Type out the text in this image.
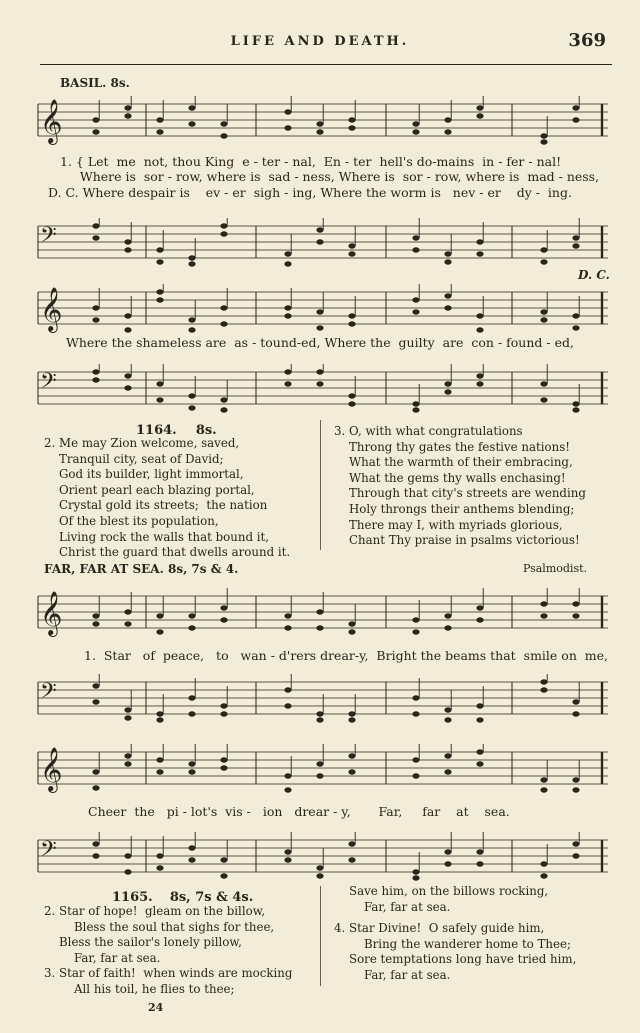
LIFE AND DEATH.	369
BASIL. 8s.
𝄞
1. { Let  me  not, thou King  e - ter - nal,  En - ter  hell's do-mains  in - fer - nal!
Where is  sor - row, where is  sad - ness, Where is  sor - row, where is  mad - ness,
D. C. Where despair is    ev - er  sigh - ing, Where the worm is   nev - er    dy -  ing.
𝄢
D. C.
𝄞
Where the shameless are  as - tound-ed, Where the  guilty  are  con - found - ed,
𝄢
1164. 8s.
2. Me may Zion welcome, saved,
Tranquil city, seat of David;
God its builder, light immortal,
Orient pearl each blazing portal,
Crystal gold its streets;  the nation
Of the blest its population,
Living rock the walls that bound it,
Christ the guard that dwells around it.
3. O, with what congratulations
Throng thy gates the festive nations!
What the warmth of their embracing,
What the gems thy walls enchasing!
Through that city's streets are wending
Holy throngs their anthems blending;
There may I, with myriads glorious,
Chant Thy praise in psalms victorious!
FAR, FAR AT SEA. 8s, 7s & 4.	Psalmodist.
𝄞
1.  Star   of  peace,   to   wan - d'rers drear-y,  Bright the beams that  smile on  me,
𝄢
𝄞
Cheer  the   pi - lot's  vis -   ion   drear - y,       Far,     far    at    sea.
𝄢
1165. 8s, 7s & 4s.
2. Star of hope!  gleam on the billow,
Bless the soul that sighs for thee,
Bless the sailor's lonely pillow,
Far, far at sea.
3. Star of faith!  when winds are mocking
All his toil, he flies to thee;
24
Save him, on the billows rocking,
Far, far at sea.
4. Star Divine!  O safely guide him,
Bring the wanderer home to Thee;
Sore temptations long have tried him,
Far, far at sea.
